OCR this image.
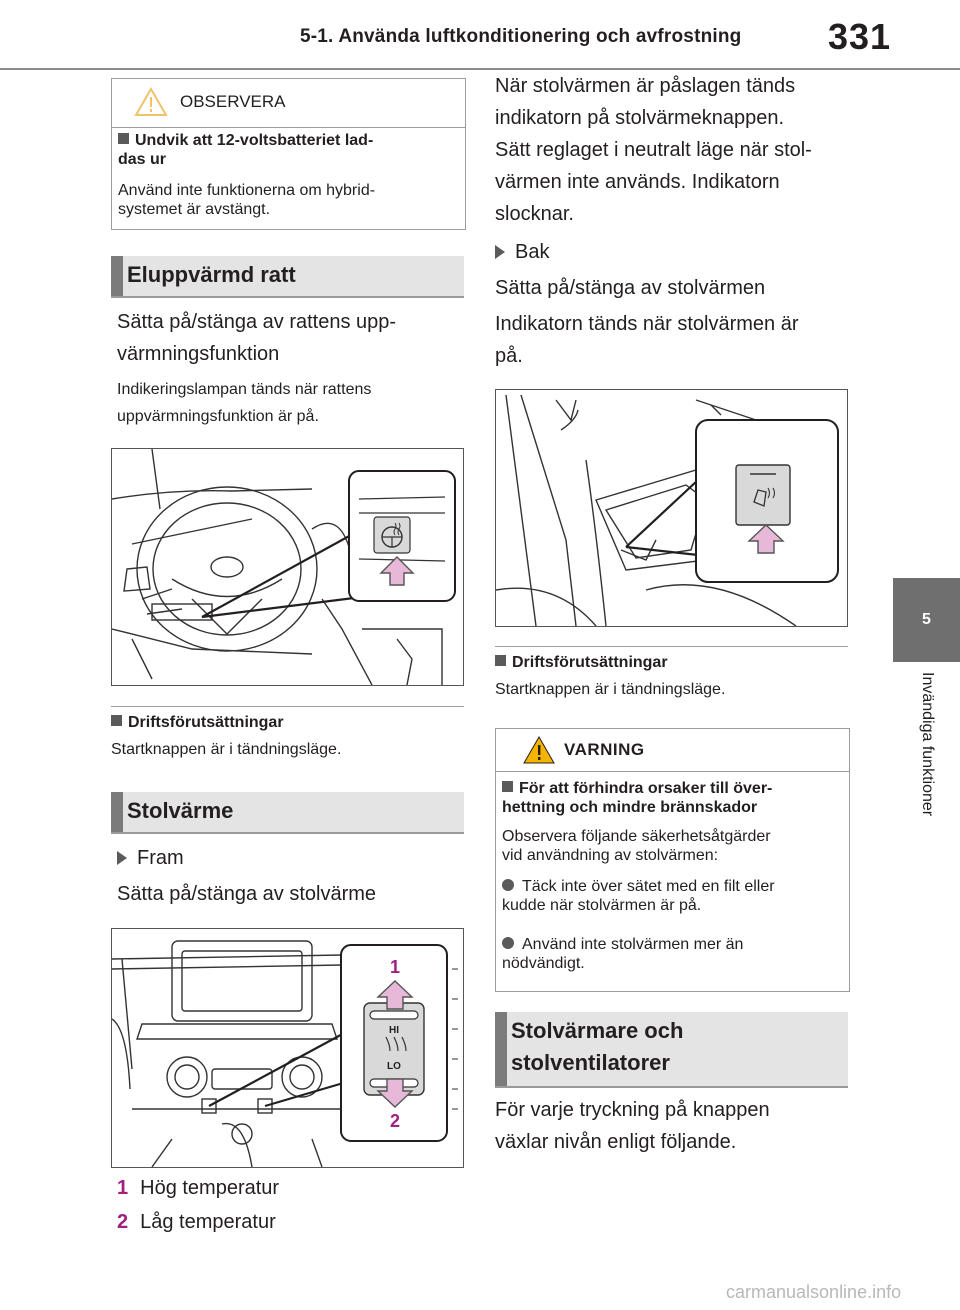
5-1. Använda luftkonditionering och avfrostning 331
5
Invändiga funktioner
OBSERVERA
Undvik att 12-voltsbatteriet lad-
das ur
Använd inte funktionerna om hybrid-
systemet är avstängt.
Eluppvärmd ratt
Sätta på/stänga av rattens upp-
värmningsfunktion
Indikeringslampan tänds när rattens
uppvärmningsfunktion är på.
Driftsförutsättningar
Startknappen är i tändningsläge.
Stolvärme
Fram
Sätta på/stänga av stolvärme
HI
LO
1
2
1 Hög temperatur
2 Låg temperatur
När stolvärmen är påslagen tänds
indikatorn på stolvärmeknappen.
Sätt reglaget i neutralt läge när stol-
värmen inte används. Indikatorn
slocknar.
Bak
Sätta på/stänga av stolvärmen
Indikatorn tänds när stolvärmen är
på.
Driftsförutsättningar
Startknappen är i tändningsläge.
VARNING
För att förhindra orsaker till över-
hettning och mindre brännskador
Observera följande säkerhetsåtgärder
vid användning av stolvärmen:
Täck inte över sätet med en filt eller
kudde när stolvärmen är på.
Använd inte stolvärmen mer än
nödvändigt.
Stolvärmare och
stolventilatorer
För varje tryckning på knappen
växlar nivån enligt följande.
carmanualsonline.info
